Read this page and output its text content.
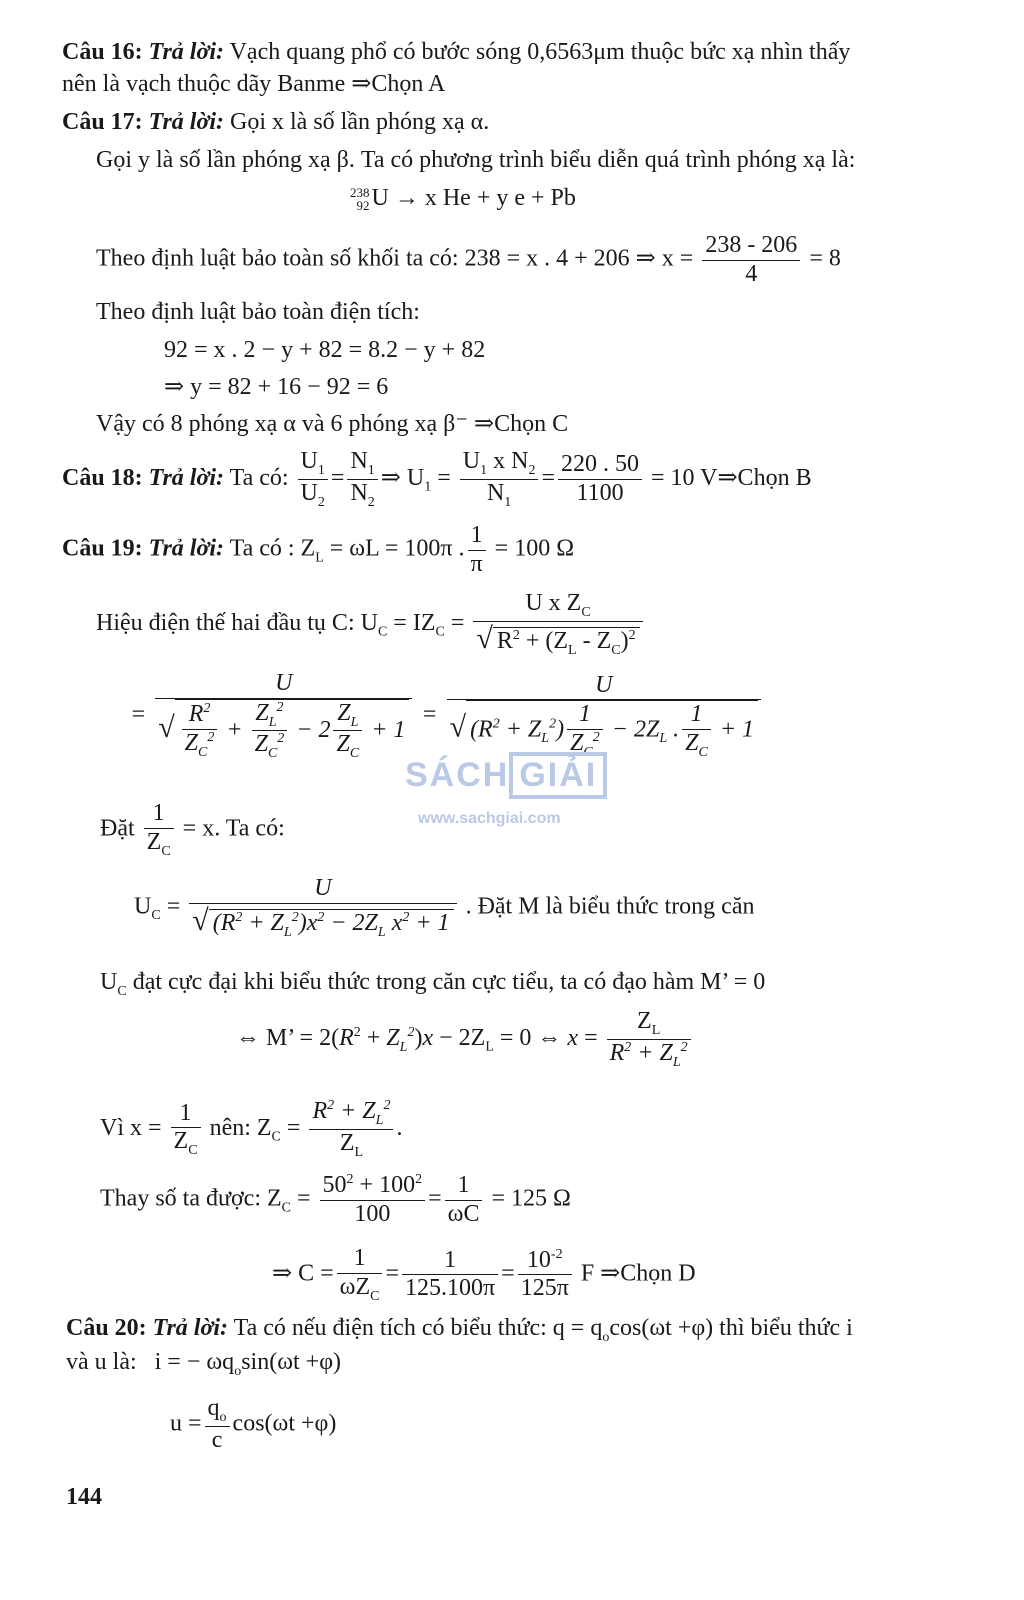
Câu 16: Trả lời: Vạch quang phổ có bước sóng 0,6563μm thuộc bức xạ nhìn thấy
nên là vạch thuộc dãy Banme ⇒Chọn A
Câu 17: Trả lời: Gọi x là số lần phóng xạ α.
Gọi y là số lần phóng xạ β. Ta có phương trình biểu diễn quá trình phóng xạ là:
238
92 U → x He + y e + Pb
Theo định luật bảo toàn số khối ta có: 238 = x . 4 + 206 ⇒ $x = \frac{238 - 206}{4} = 8$
Theo định luật bảo toàn điện tích:
92 = x . 2 − y + 82 = 8.2 − y + 82
⇒ y = 82 + 16 − 92 = 6
Vậy có 8 phóng xạ α và 6 phóng xạ β⁻ ⇒Chọn C
Câu 18: Trả lời: Ta có: $\frac{U_1}{U_2} = \frac{N_1}{N_2}$ ⇒ $U_1 = \frac{U_1 x N_2}{N_1} = \frac{220 . 50}{1100} = 10$ V⇒Chọn B
Câu 19: Trả lời: Ta có : $Z_L = \omega L = 100\pi$ . $\frac{1}{\pi} = 100$ Ω
Hiệu điện thế hai đầu tụ C: $U_C = IZ_C = \frac{U x Z_C}{√ R^2 + (Z_L - Z_C)^2}$
= $\frac{U}{√ \frac{R^2}{Z_C^2} + \frac{Z_L^2}{Z_C^2} - 2 \frac{Z_L}{Z_C} + 1} = \frac{U}{√ (R^2 + Z_L^2) \frac{1}{Z_C^2} - 2Z_L . \frac{1}{Z_C} + 1}$
Đặt $\frac{1}{Z_C} = x$. Ta có:
$U_C = \frac{U}{√ (R^2 + Z_L^2)x^2 - 2Z_L x^2 + 1}$ . Đặt M là biểu thức trong căn
$U_C$ đạt cực đại khi biểu thức trong căn cực tiểu, ta có đạo hàm M’ = 0
⇔ M’ = $2(R^2 + Z_L^2)x - 2Z_L = 0$ ⇔ $x = \frac{Z_L}{R^2 + Z_L^2}$
Vì $x = \frac{1}{Z_C}$ nên: $Z_C = \frac{R^2 + Z_L^2}{Z_L}$ .
Thay số ta được: $Z_C = \frac{50^2 + 100^2}{100} = \frac{1}{\omega C} = 125$ Ω
⇒ $C = \frac{1}{\omega Z_C} = \frac{1}{125.100\pi} = \frac{10^{-2}}{125\pi}$ F ⇒Chọn D
Câu 20: Trả lời: Ta có nếu điện tích có biểu thức: $q = q_o\cos(\omega t +\varphi)$ thì biểu thức i
và u là: i = − $\omega q_o\sin(\omega t +\varphi)$
$u = \frac{q_o}{c} \cos(\omega t +\varphi)$
SÁCH GIẢI
www.sachgiai.com
144
